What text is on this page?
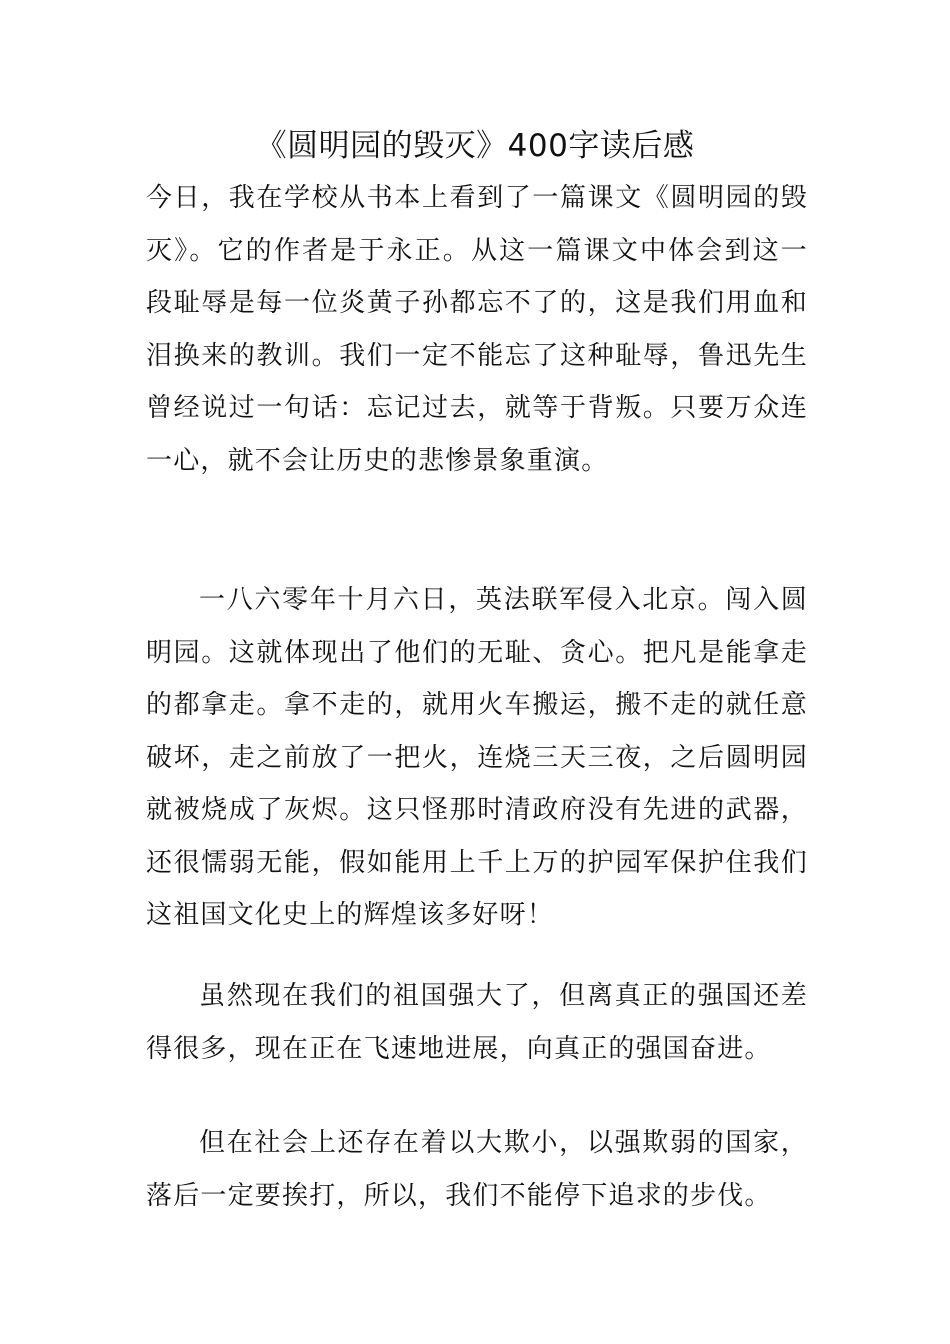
《圆明园的毁灭》400字读后感

今日，我在学校从书本上看到了一篇课文《圆明园的毁灭》。它的作者是于永正。从这一篇课文中体会到这一段耻辱是每一位炎黄子孙都忘不了的，这是我们用血和泪换来的教训。我们一定不能忘了这种耻辱，鲁迅先生曾经说过一句话：忘记过去，就等于背叛。只要万众连一心，就不会让历史的悲惨景象重演。

一八六零年十月六日，英法联军侵入北京。闯入圆明园。这就体现出了他们的无耻、贪心。把凡是能拿走的都拿走。拿不走的，就用火车搬运，搬不走的就任意破坏，走之前放了一把火，连烧三天三夜，之后圆明园就被烧成了灰烬。这只怪那时清政府没有先进的武器，还很懦弱无能，假如能用上千上万的护园军保护住我们这祖国文化史上的辉煌该多好呀！

虽然现在我们的祖国强大了，但离真正的强国还差得很多，现在正在飞速地进展，向真正的强国奋进。

但在社会上还存在着以大欺小，以强欺弱的国家，落后一定要挨打，所以，我们不能停下追求的步伐。
